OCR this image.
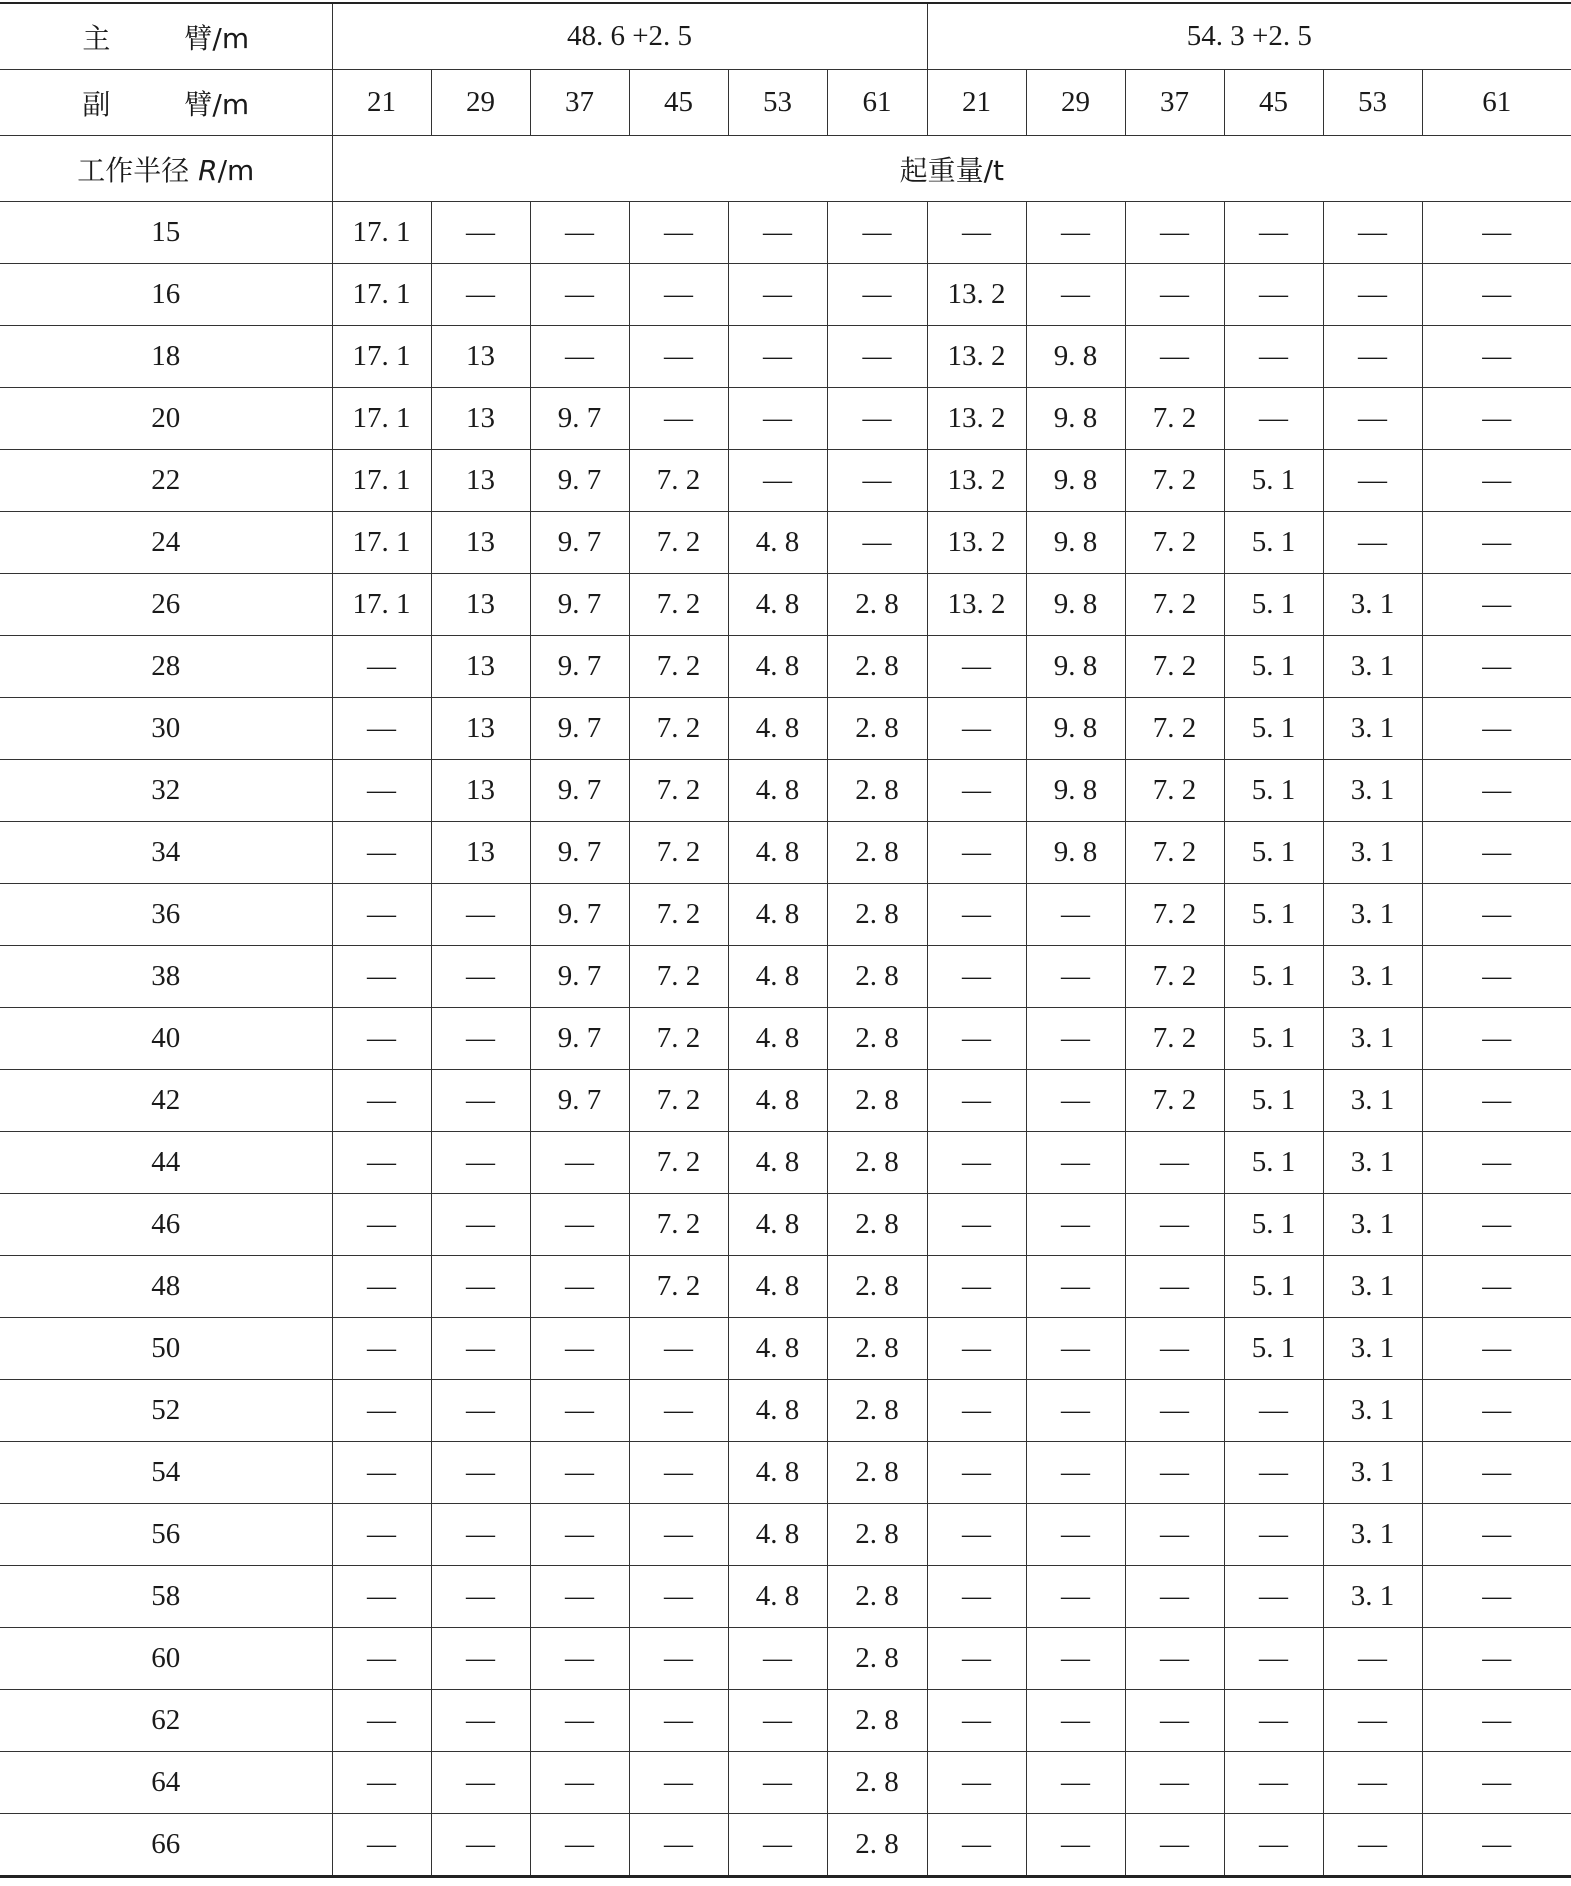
主 臂/m	48. 6 +2. 5						54. 3 +2. 5					
副 臂/m	21	29	37	45	53	61	21	29	37	45	53	61
工作半径 R/m	起重量/t											
15	17. 1	—	—	—	—	—	—	—	—	—	—	—
16	17. 1	—	—	—	—	—	13. 2	—	—	—	—	—
18	17. 1	13	—	—	—	—	13. 2	9. 8	—	—	—	—
20	17. 1	13	9. 7	—	—	—	13. 2	9. 8	7. 2	—	—	—
22	17. 1	13	9. 7	7. 2	—	—	13. 2	9. 8	7. 2	5. 1	—	—
24	17. 1	13	9. 7	7. 2	4. 8	—	13. 2	9. 8	7. 2	5. 1	—	—
26	17. 1	13	9. 7	7. 2	4. 8	2. 8	13. 2	9. 8	7. 2	5. 1	3. 1	—
28	—	13	9. 7	7. 2	4. 8	2. 8	—	9. 8	7. 2	5. 1	3. 1	—
30	—	13	9. 7	7. 2	4. 8	2. 8	—	9. 8	7. 2	5. 1	3. 1	—
32	—	13	9. 7	7. 2	4. 8	2. 8	—	9. 8	7. 2	5. 1	3. 1	—
34	—	13	9. 7	7. 2	4. 8	2. 8	—	9. 8	7. 2	5. 1	3. 1	—
36	—	—	9. 7	7. 2	4. 8	2. 8	—	—	7. 2	5. 1	3. 1	—
38	—	—	9. 7	7. 2	4. 8	2. 8	—	—	7. 2	5. 1	3. 1	—
40	—	—	9. 7	7. 2	4. 8	2. 8	—	—	7. 2	5. 1	3. 1	—
42	—	—	9. 7	7. 2	4. 8	2. 8	—	—	7. 2	5. 1	3. 1	—
44	—	—	—	7. 2	4. 8	2. 8	—	—	—	5. 1	3. 1	—
46	—	—	—	7. 2	4. 8	2. 8	—	—	—	5. 1	3. 1	—
48	—	—	—	7. 2	4. 8	2. 8	—	—	—	5. 1	3. 1	—
50	—	—	—	—	4. 8	2. 8	—	—	—	5. 1	3. 1	—
52	—	—	—	—	4. 8	2. 8	—	—	—	—	3. 1	—
54	—	—	—	—	4. 8	2. 8	—	—	—	—	3. 1	—
56	—	—	—	—	4. 8	2. 8	—	—	—	—	3. 1	—
58	—	—	—	—	4. 8	2. 8	—	—	—	—	3. 1	—
60	—	—	—	—	—	2. 8	—	—	—	—	—	—
62	—	—	—	—	—	2. 8	—	—	—	—	—	—
64	—	—	—	—	—	2. 8	—	—	—	—	—	—
66	—	—	—	—	—	2. 8	—	—	—	—	—	—
